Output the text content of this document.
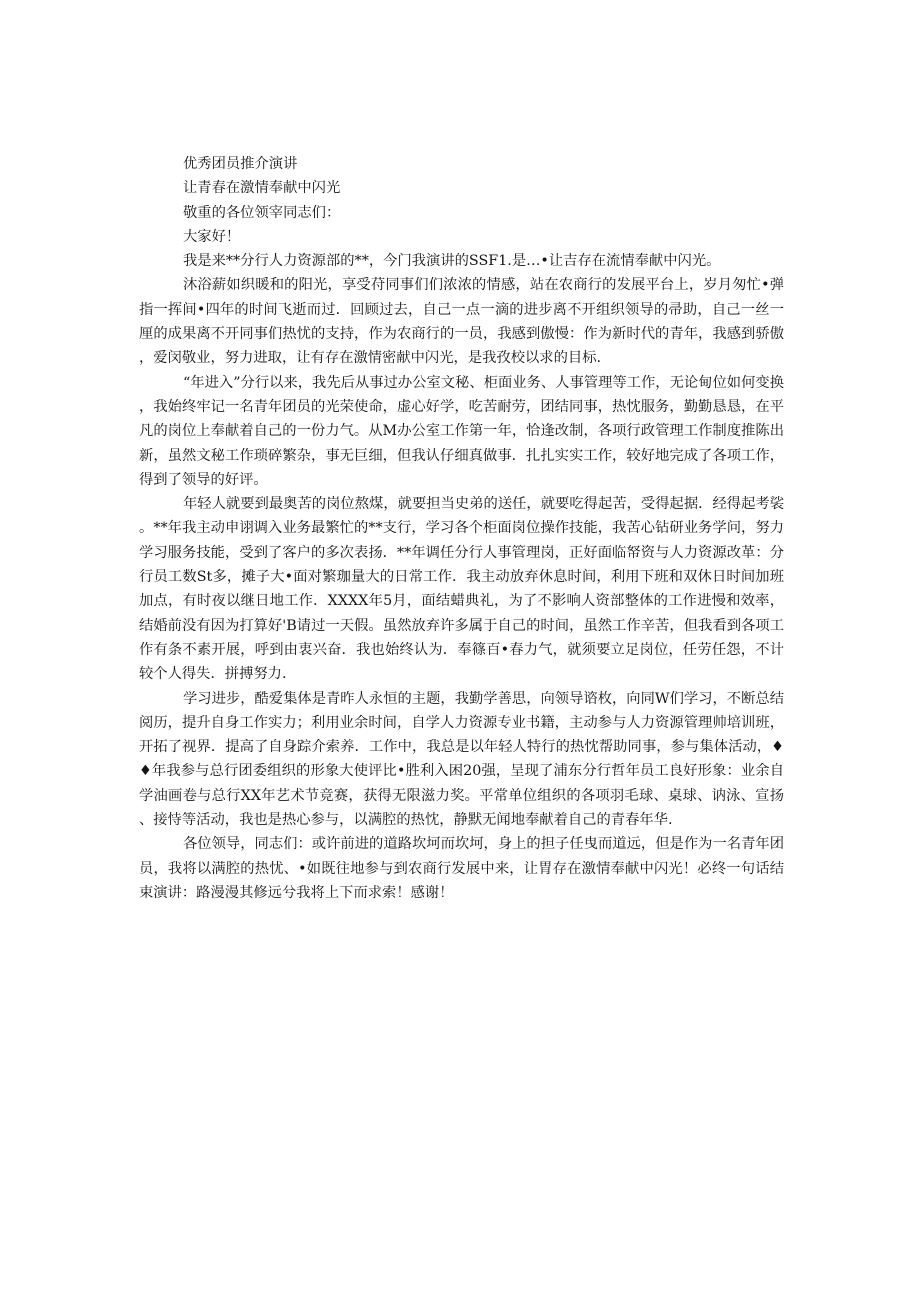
优秀团员推介演讲

让青春在激情奉献中闪光

敬重的各位领宰同志们：

大家好！

我是来**分行人力资源部的**，今门我演讲的SSF1.是…•让吉存在流情奉献中闪光。

沐浴薪如织暖和的阳光，享受苻同事们们浓浓的情感，站在农商行的发展平台上，岁月匆忙•弹指一挥间•四年的时间飞逝而过．回顾过去，自己一点一滴的进步离不开组织领导的帚助，自己一丝一厘的成果离不开同事们热忧的支持，作为农商行的一员，我感到傲慢：作为新时代的青年，我感到骄傲，爱闵敬业，努力进取，让有存在激情密献中闪光，是我孜校以求的目标.

“年进入”分行以来，我先后从事过办公室文秘、柜面业务、人事管理等工作，无论甸位如何变换，我始终牢记一名青年团员的光荣使命，虚心好学，吃苦耐劳，团结同事，热忱服务，勤勤恳恳，在平凡的岗位上奉献着自己的一份力气。从M办公室工作第一年，恰逢改制，各项行政管理工作制度推陈出新，虽然文秘工作琐碎繁杂，事无巨细，但我认仔细真做事．扎扎实实工作，较好地完成了各项工作，得到了领导的好评。

年轻人就要到最奥苦的岗位熬煤，就要担当史弟的送任，就要吃得起苦，受得起据．经得起考裟。**年我主动申诩调入业务最繁忙的**支行，学习各个柜面岗位操作技能，我苦心钻研业务学问，努力学习服务技能，受到了客户的多次表扬．**年调任分行人事管理岗，正好面临帑资与人力资源改革：分行员工数St多，摊子大•面对繁珈量大的日常工作．我主动放弃休息时间，利用下班和双休日时间加班加点，有时夜以继日地工作．XXXX年5月，面结蜡典礼，为了不影响人资部整体的工作进慢和效率，结婚前没有因为打算好'B请过一天假。虽然放弃许多属于自己的时间，虽然工作辛苦，但我看到各项工作有条不素开展，呼到由衷兴奋．我也始终认为．奉篠百•春力气，就须要立足岗位，任劳任怨，不计较个人得失．拼搏努力.

学习进步，酷爱集体是青昨人永恒的主题，我勤学善思，向领导谘枚，向同W们学习，不断总结阅历，提升自身工作实力；利用业余时间，自学人力资源专业书籍，主动参与人力资源管理帅培训班，开拓了视界．提高了自身踪介索养．工作中，我总是以年轻人特行的热忱帮助同事，参与集体活动，♦♦年我参与总行团委组织的形象大使评比•胜利入困20强，呈现了浦东分行哲年员工良好形象：业余自学油画卷与总行XX年艺术节竞赛，获得无限滋力奖。平常单位组织的各项羽毛球、桌球、讷泳、宣扬、接恃等活动，我也是热心参与，以满腔的热忱，静默无闻地奉献着自己的青春年华.

各位领导，同志们：或许前进的道路坎坷而坎坷，身上的担子任曳而道远，但是作为一名青年团员，我将以满腔的热忧、•如既往地参与到农商行发展中来，让胃存在激情奉献中闪光！必终一句话结束演讲：路漫漫其修远兮我将上下而求索！感谢！
